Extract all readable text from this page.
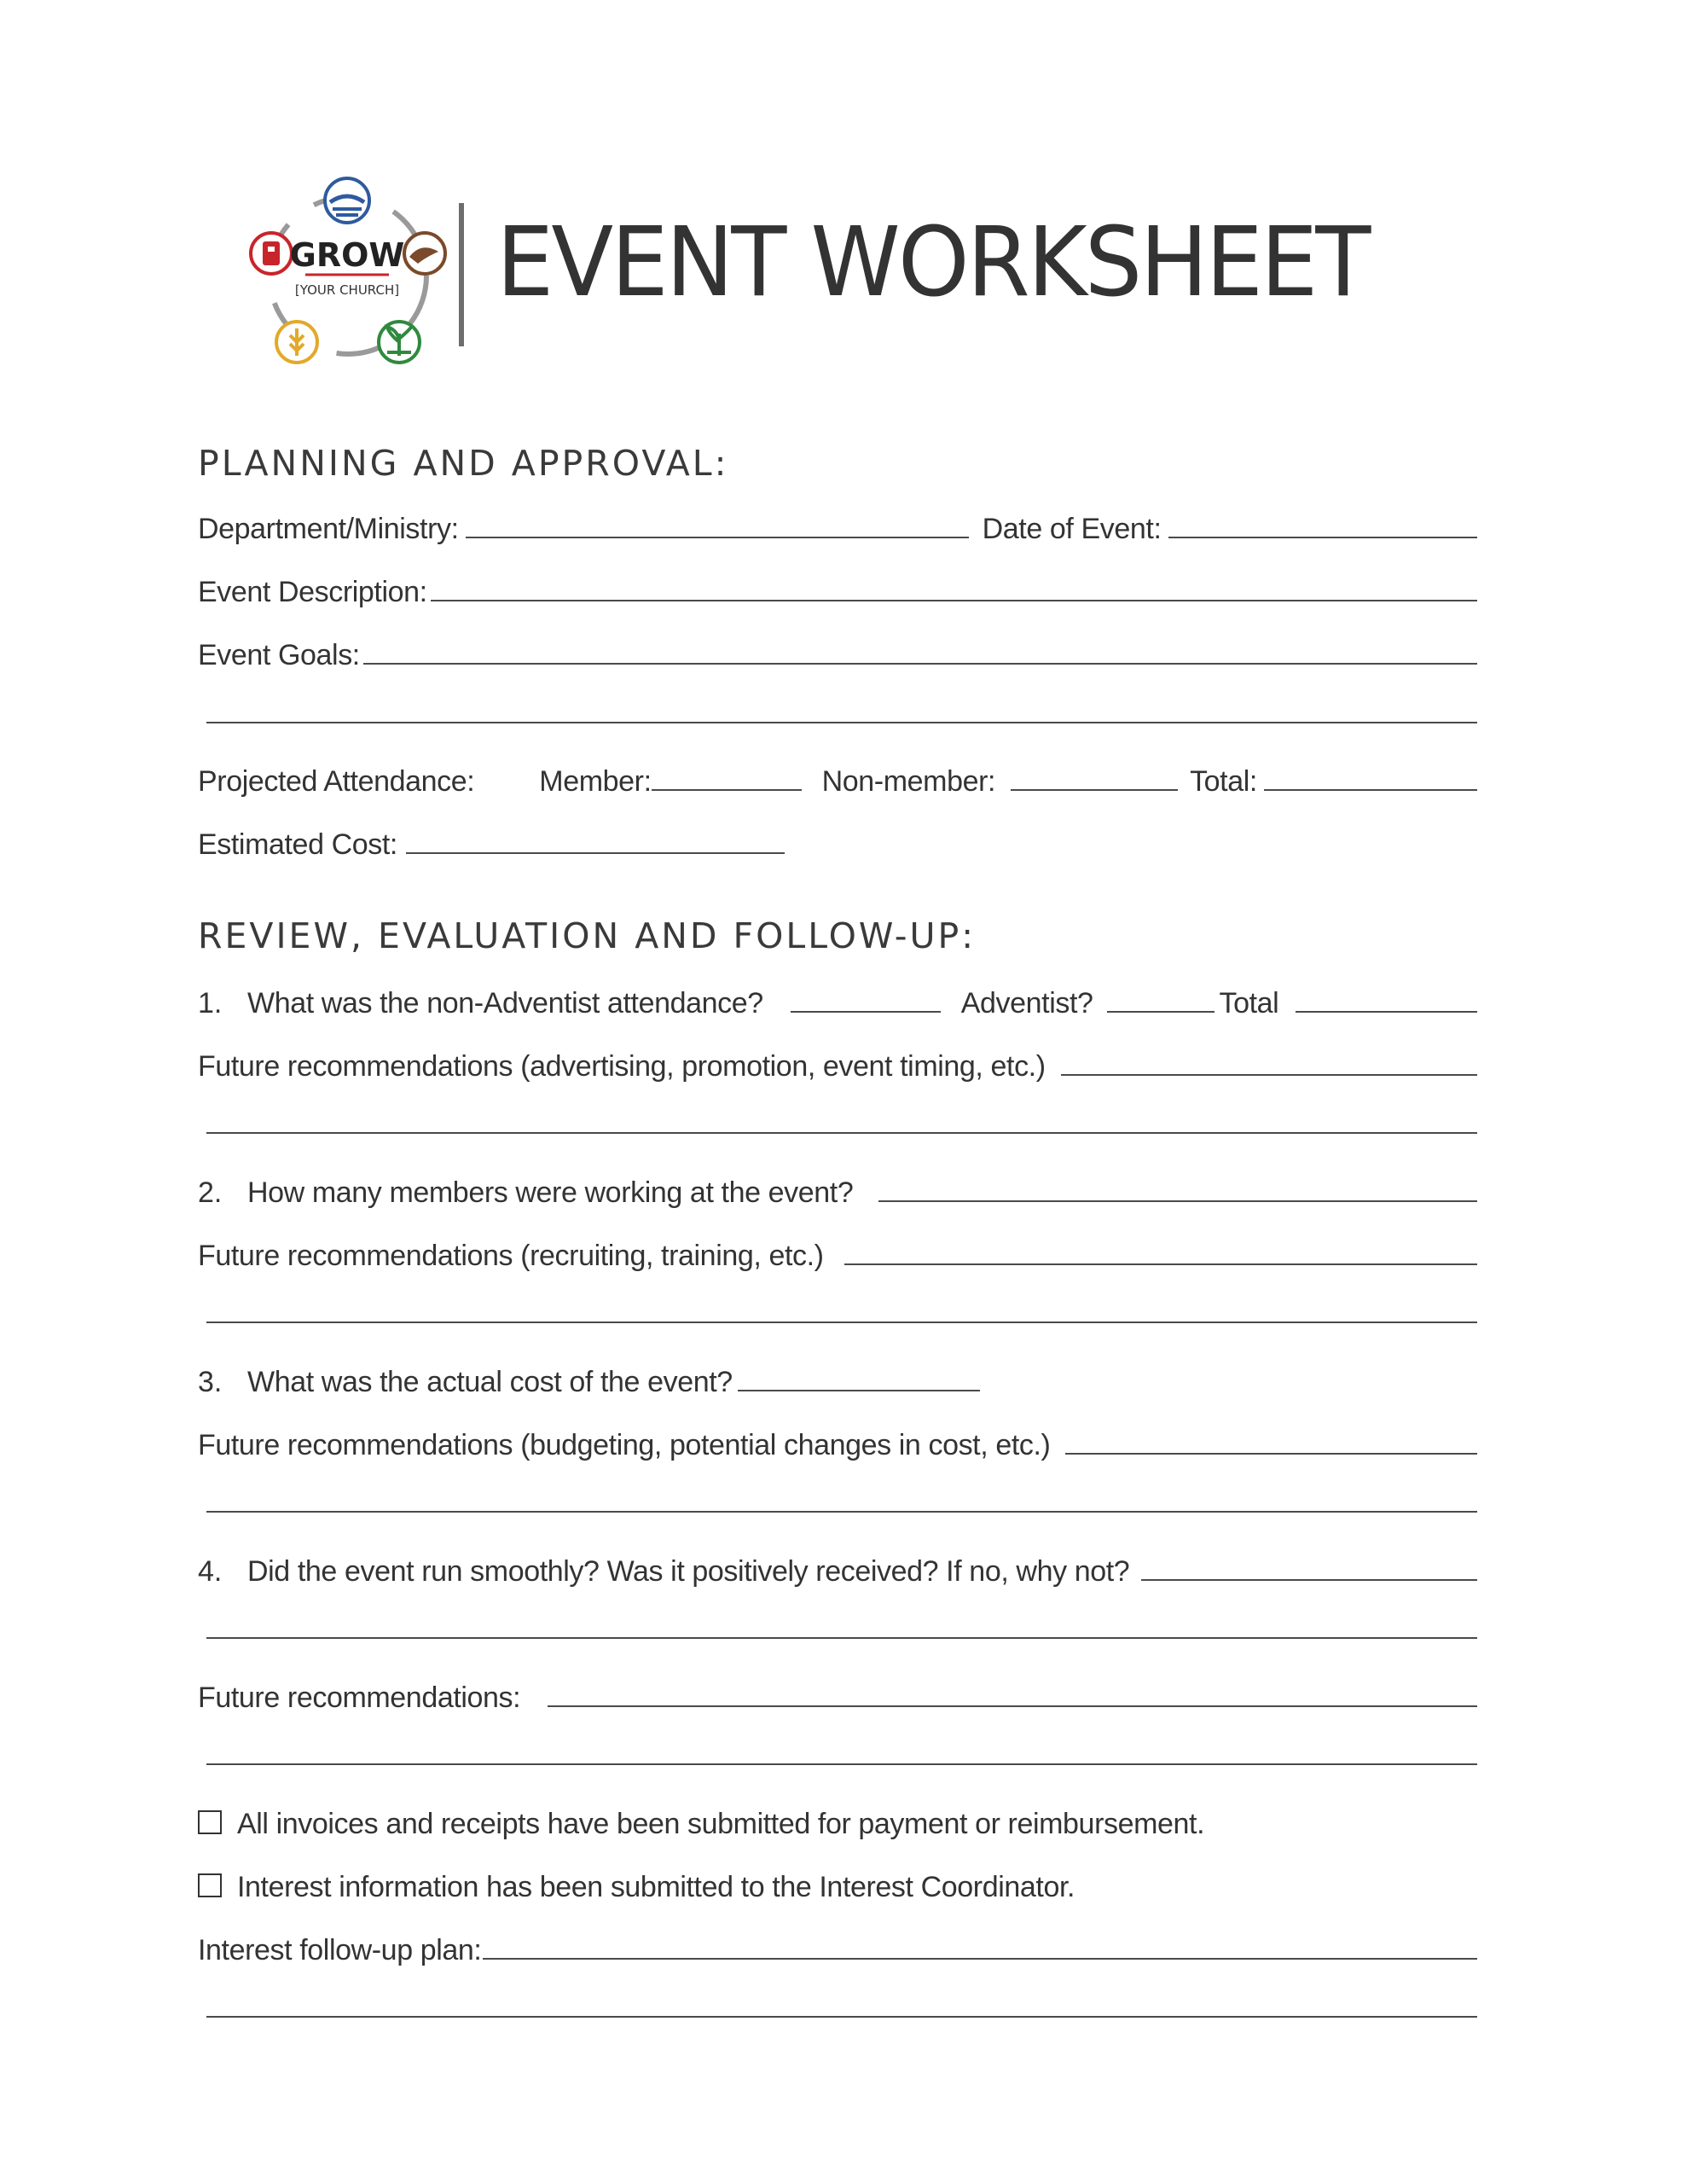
GROW
[YOUR CHURCH] EVENT WORKSHEET
PLANNING AND APPROVAL:
Department/Ministry:	Date of Event:
Event Description:
Event Goals:
Projected Attendance: Member:	Non-member:	Total:
Estimated Cost:
REVIEW, EVALUATION AND FOLLOW-UP:
1. What was the non-Adventist attendance?	Adventist?	Total
Future recommendations (advertising, promotion, event timing, etc.)
2. How many members were working at the event?
Future recommendations (recruiting, training, etc.)
3. What was the actual cost of the event?
Future recommendations (budgeting, potential changes in cost, etc.)
4. Did the event run smoothly? Was it positively received? If no, why not?
Future recommendations:
All invoices and receipts have been submitted for payment or reimbursement.
Interest information has been submitted to the Interest Coordinator.
Interest follow-up plan:
